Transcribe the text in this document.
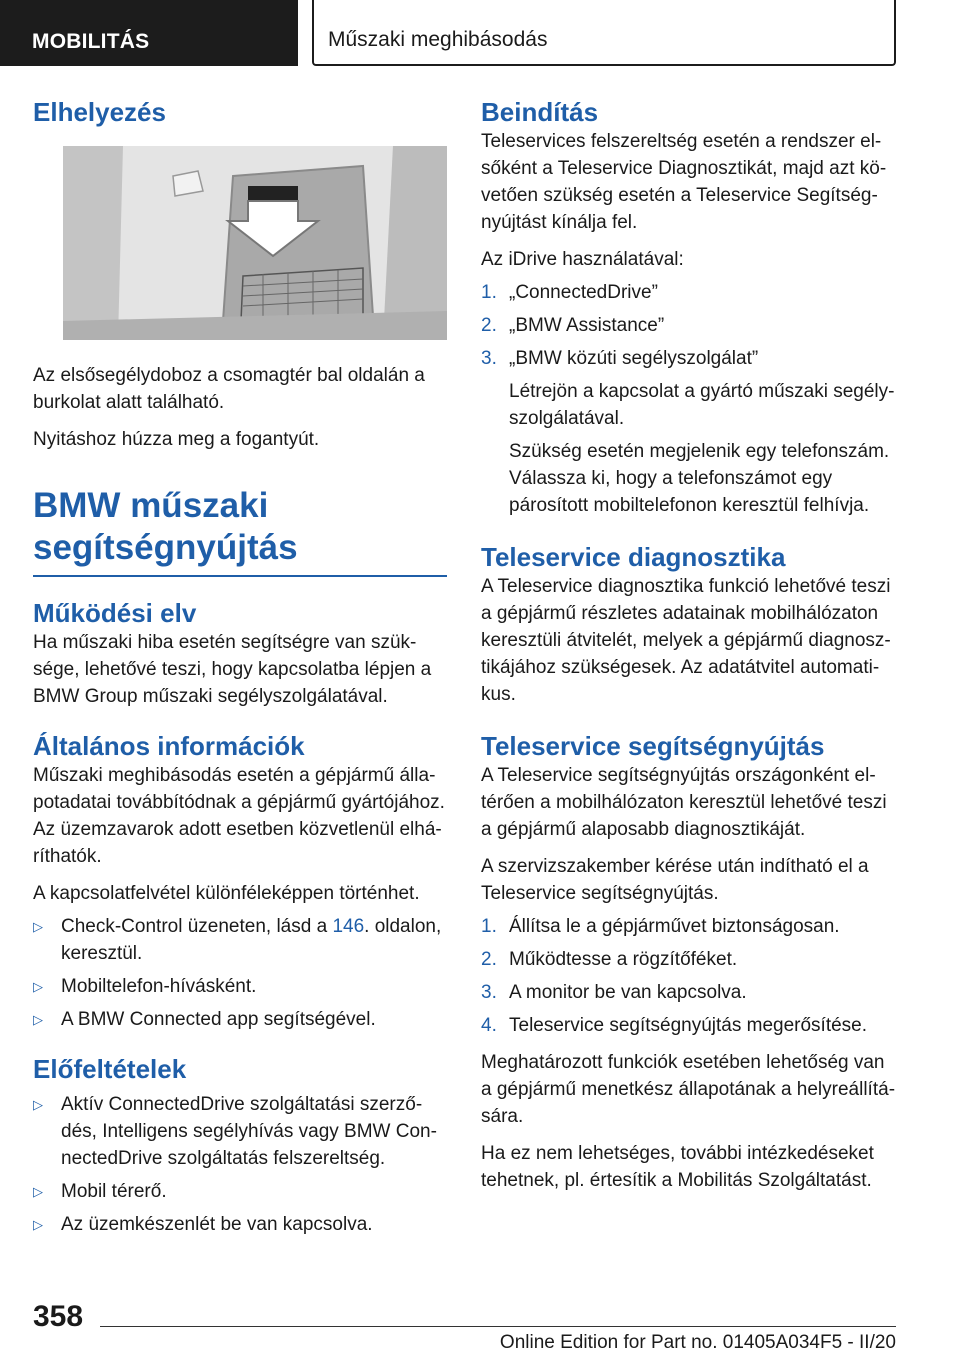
MOBILITÁS	Műszaki meghibásodás
Elhelyezés

Az elsősegélydoboz a csomagtér bal oldalán a burkolat alatt található.

Nyitáshoz húzza meg a fogantyút.

BMW műszaki
segítségnyújtás
Működési elv

Ha műszaki hiba esetén segítségre van szüksége, lehetővé teszi, hogy kapcsolatba lépjen a BMW Group műszaki segélyszolgálatával.

Általános információk

Műszaki meghibásodás esetén a gépjármű állapotadatai továbbítódnak a gépjármű gyártójához. Az üzemzavarok adott esetben közvetlenül elháríthatók.

A kapcsolatfelvétel különféleképpen történhet.

▷ Check-Control üzeneten, lásd a 146. oldalon, keresztül.
▷ Mobiltelefon-hívásként.
▷ A BMW Connected app segítségével.
Előfeltételek
▷ Aktív ConnectedDrive szolgáltatási szerződés, Intelligens segélyhívás vagy BMW ConnectedDrive szolgáltatás felszereltség.
▷ Mobil térerő.
▷ Az üzemkészenlét be van kapcsolva.
Beindítás

Teleservices felszereltség esetén a rendszer elsőként a Teleservice Diagnosztikát, majd azt követően szükség esetén a Teleservice Segítségnyújtást kínálja fel.

Az iDrive használatával:

1. „ConnectedDrive”
2. „BMW Assistance”
3. „BMW közúti segélyszolgálat”
Létrejön a kapcsolat a gyártó műszaki segélyszolgálatával.
Szükség esetén megjelenik egy telefonszám. Válassza ki, hogy a telefonszámot egy párosított mobiltelefonon keresztül felhívja.
Teleservice diagnosztika

A Teleservice diagnosztika funkció lehetővé teszi a gépjármű részletes adatainak mobilhálózaton keresztüli átvitelét, melyek a gépjármű diagnosztikájához szükségesek. Az adatátvitel automatikus.

Teleservice segítségnyújtás

A Teleservice segítségnyújtás országonként eltérően a mobilhálózaton keresztül lehetővé teszi a gépjármű alaposabb diagnosztikáját.

A szervizszakember kérése után indítható el a Teleservice segítségnyújtás.

1. Állítsa le a gépjárművet biztonságosan.
2. Működtesse a rögzítőféket.
3. A monitor be van kapcsolva.
4. Teleservice segítségnyújtás megerősítése.

Meghatározott funkciók esetében lehetőség van a gépjármű menetkész állapotának a helyreállítására.

Ha ez nem lehetséges, további intézkedéseket tehetnek, pl. értesítik a Mobilitás Szolgáltatást.

358
Online Edition for Part no. 01405A034F5 - II/20
